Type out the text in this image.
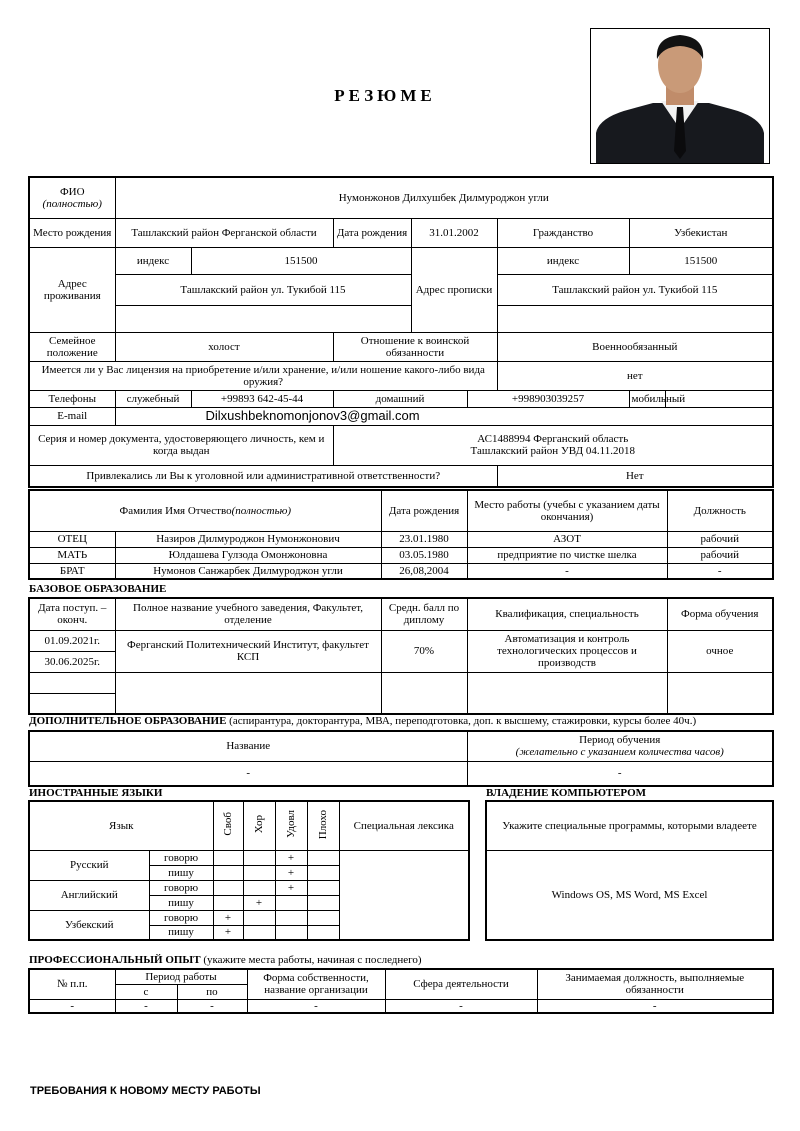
РЕЗЮМЕ
ФИО
(полностью)	Нумонжонов Дилхушбек Дилмуроджон угли							
Место рождения	Ташлакский район Ферганской области		Дата рождения	31.01.2002		Гражданство	Узбекистан	
Адрес проживания	индекс	151500		Адрес прописки		индекс	151500	
	Ташлакский район ул. Тукибой 115					Ташлакский район ул. Тукибой 115		

Семейное положение	холост		Отношение к воинской обязанности			Военнообязанный		
Имеется ли у Вас лицензия на приобретение и/или хранение, и/или ношение какого-либо вида оружия?						нет		
Телефоны	служебный	+99893 642-45-44	домашний		+998903039257		мобильный	
E-mail	Dilxushbeknomonjonov3@gmail.com							
Серия и номер документа, удостоверяющего личность, кем и когда выдан			АС1488994 Ферганский область
Ташлакский район УВД 04.11.2018					
Привлекались ли Вы к уголовной или административной ответственности?						Нет		
Фамилия Имя Отчество(полностью)		Дата рождения	Место работы (учебы с указанием даты окончания)	Должность
ОТЕЦ	Назиров Дилмуроджон Нумонжонович	23.01.1980	АЗОТ	рабочий
МАТЬ	Юлдашева Гулзода Омонжоновна	03.05.1980	предприятие по чистке шелка	рабочий
БРАТ	Нумонов Санжарбек Дилмуроджон угли	26,08,2004	-	-
БАЗОВОЕ ОБРАЗОВАНИЕ
Дата поступ. – оконч.	Полное название учебного заведения, Факультет, отделение	Средн. балл по диплому	Квалификация, специальность	Форма обучения
01.09.2021г.	Ферганский Политехнический Институт, факультет КСП	70%	Автоматизация и контроль технологических процессов и производств	очное
30.06.2025г.				

ДОПОЛНИТЕЛЬНОЕ ОБРАЗОВАНИЕ (аспирантура, докторантура, МВА, переподготовка, доп. к высшему, стажировки, курсы более 40ч.)
Название	Период обучения
(желательно с указанием количества часов)
-	-
ИНОСТРАННЫЕ ЯЗЫКИ
Язык		Своб	Хор	Удовл	Плохо	Специальная лексика
Русский	говорю			+		
	пишу			+		
Английский	говорю			+		
	пишу		+			
Узбекский	говорю	+				
	пишу	+				
ВЛАДЕНИЕ КОМПЬЮТЕРОМ
Укажите специальные программы, которыми владеете
Windows OS, MS Word, MS Excel
ПРОФЕССИОНАЛЬНЫЙ ОПЫТ (укажите места работы, начиная с последнего)
№ п.п.	Период работы		Форма собственности, название организации	Сфера деятельности	Занимаемая должность, выполняемые обязанности
	с	по			
-	-	-	-	-	-
ТРЕБОВАНИЯ К НОВОМУ МЕСТУ РАБОТЫ
